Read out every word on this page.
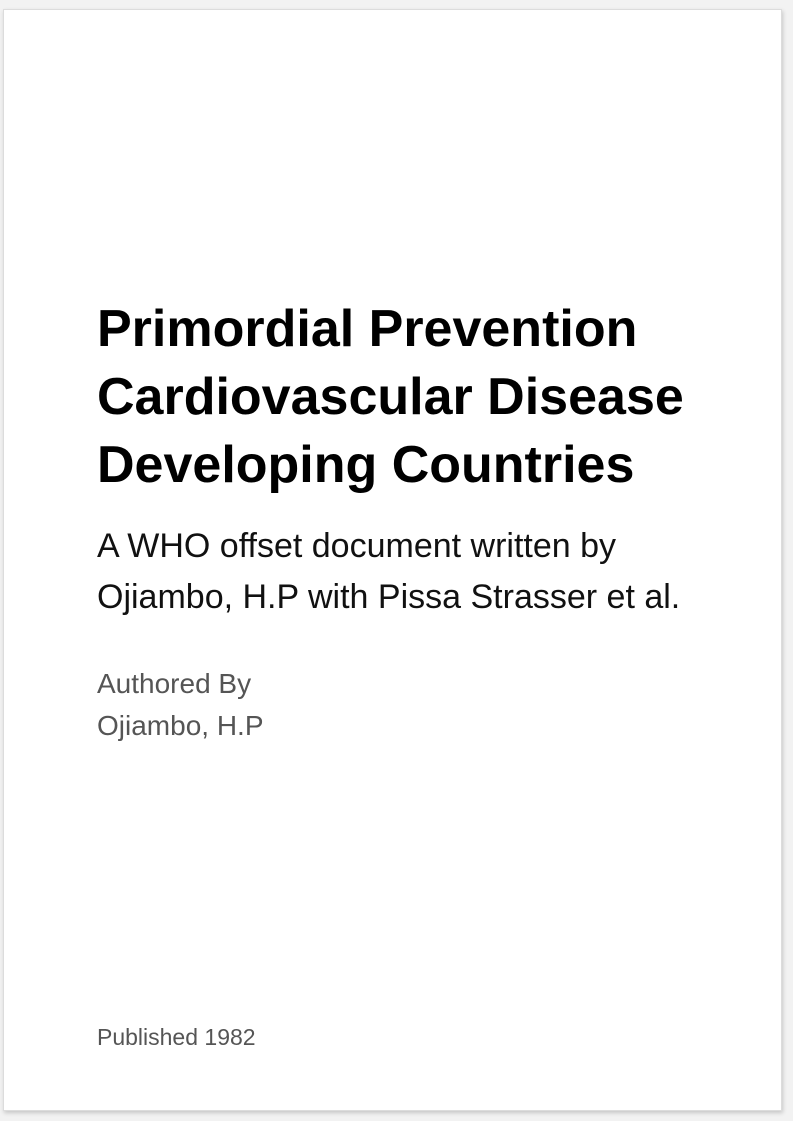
Primordial Prevention Cardiovascular Disease Developing Countries

A WHO offset document written by Ojiambo, H.P with Pissa Strasser et al.

Authored By
Ojiambo, H.P
Published 1982
